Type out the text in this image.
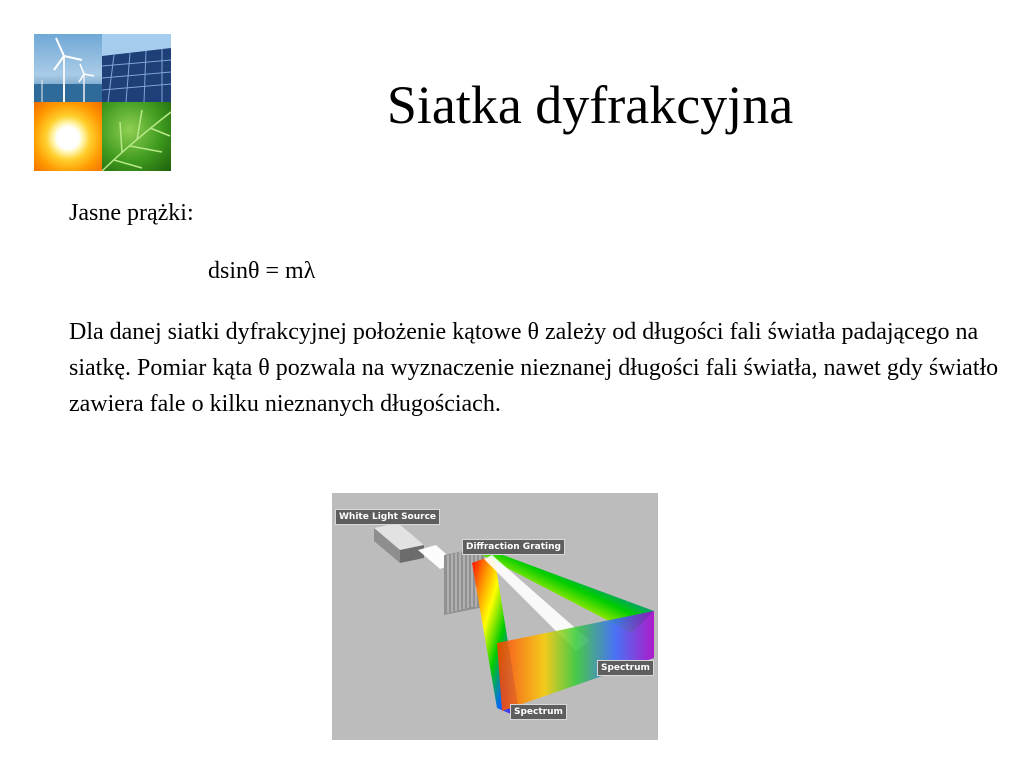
Siatka dyfrakcyjna

Jasne prążki:

dsinθ = mλ

Dla danej siatki dyfrakcyjnej położenie kątowe θ zależy od długości fali światła padającego na siatkę. Pomiar kąta θ pozwala na wyznaczenie nieznanej długości fali światła, nawet gdy światło zawiera fale o kilku nieznanych długościach.

White Light Source
Diffraction Grating
Spectrum
Spectrum
